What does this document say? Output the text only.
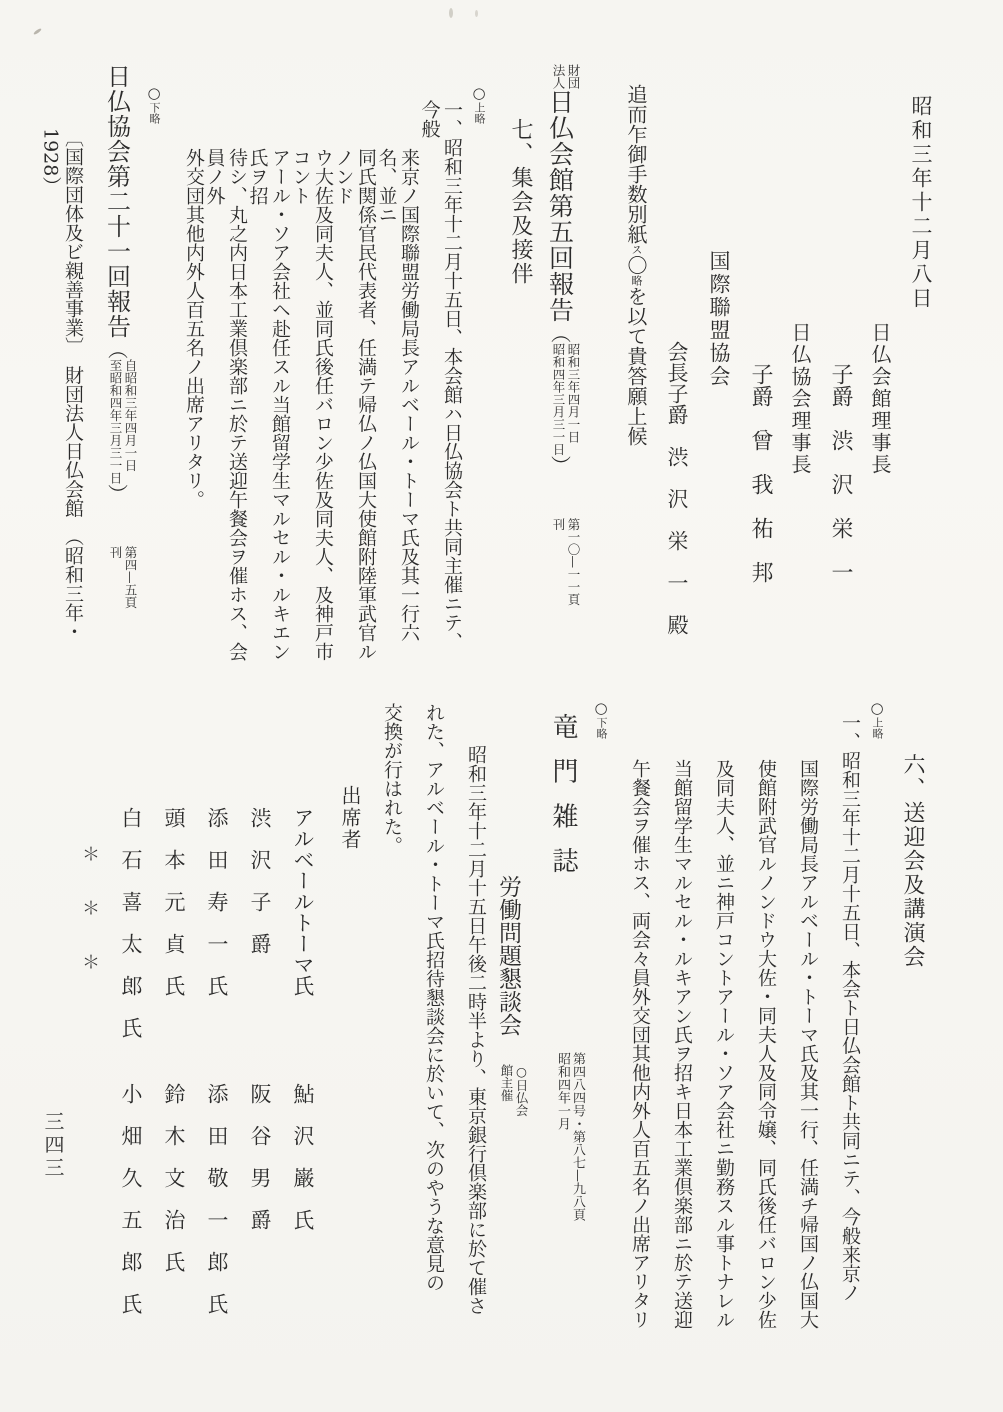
昭和三年十二月八日
日仏会館理事長
子爵　渋　沢　栄　一
日仏協会理事長
子爵　曾　我　祐　邦
国際聯盟協会
会長子爵　渋　沢　栄　一　殿
追而乍御手数別紙ス〇略を以て貴答願上候
財団
法人
日仏会館第五回報告（
昭和三年四月一日
昭和四年三月三一日
）
第一〇—一一頁
刊
七、集会及接伴
○上略
一、昭和三年十二月十五日、本会館ハ日仏協会ト共同主催ニテ、今般
来京ノ国際聯盟労働局長アルベール・トーマ氏及其一行六名、並ニ
同氏関係官民代表者、任満テ帰仏ノ仏国大使館附陸軍武官ルノンド
ウ大佐及同夫人、並同氏後任バロン少佐及同夫人、及神戸市コント
アール・ソア会社ヘ赴任スル当館留学生マルセル・ルキエン氏ヲ招
待シ、丸之内日本工業倶楽部ニ於テ送迎午餐会ヲ催ホス、会員ノ外
外交団其他内外人百五名ノ出席アリタリ。
○下略
日仏協会第二十一回報告（
自昭和三年四月一日
至昭和四年三月三一日
）
第四—五頁
刊
〔国際団体及ビ親善事業〕　財団法人日仏会館　（昭和三年・1928）
六、送迎会及講演会
○上略
一、昭和三年十二月十五日、本会ト日仏会館ト共同ニテ、今般来京ノ
国際労働局長アルベール・トーマ氏及其一行、任満チ帰国ノ仏国大
使館附武官ルノンドウ大佐・同夫人及同令嬢、同氏後任バロン少佐
及同夫人、並ニ神戸コントアール・ソア会社ニ勤務スル事トナレル
当館留学生マルセル・ルキアン氏ヲ招キ日本工業倶楽部ニ於テ送迎
午餐会ヲ催ホス、両会々員外交団其他内外人百五名ノ出席アリタリ
○下略
竜門雑誌
第四八四号・第八七—九八頁
昭和四年一月
労働問題懇談会
○日仏会
館主催
昭和三年十二月十五日午後二時半より、東京銀行倶楽部に於て催さ
れた、アルベール・トーマ氏招待懇談会に於いて、次のやうな意見の
交換が行はれた。
出席者
アルベールトーマ氏鮎　沢　巌　氏
渋　沢　子　爵阪　谷　男　爵
添　田　寿　一　氏添　田　敬　一　郎　氏
頭　本　元　貞　氏鈴　木　文　治　氏
白　石　喜　太　郎　氏小　畑　久　五　郎　氏
＊＊＊
三四三
